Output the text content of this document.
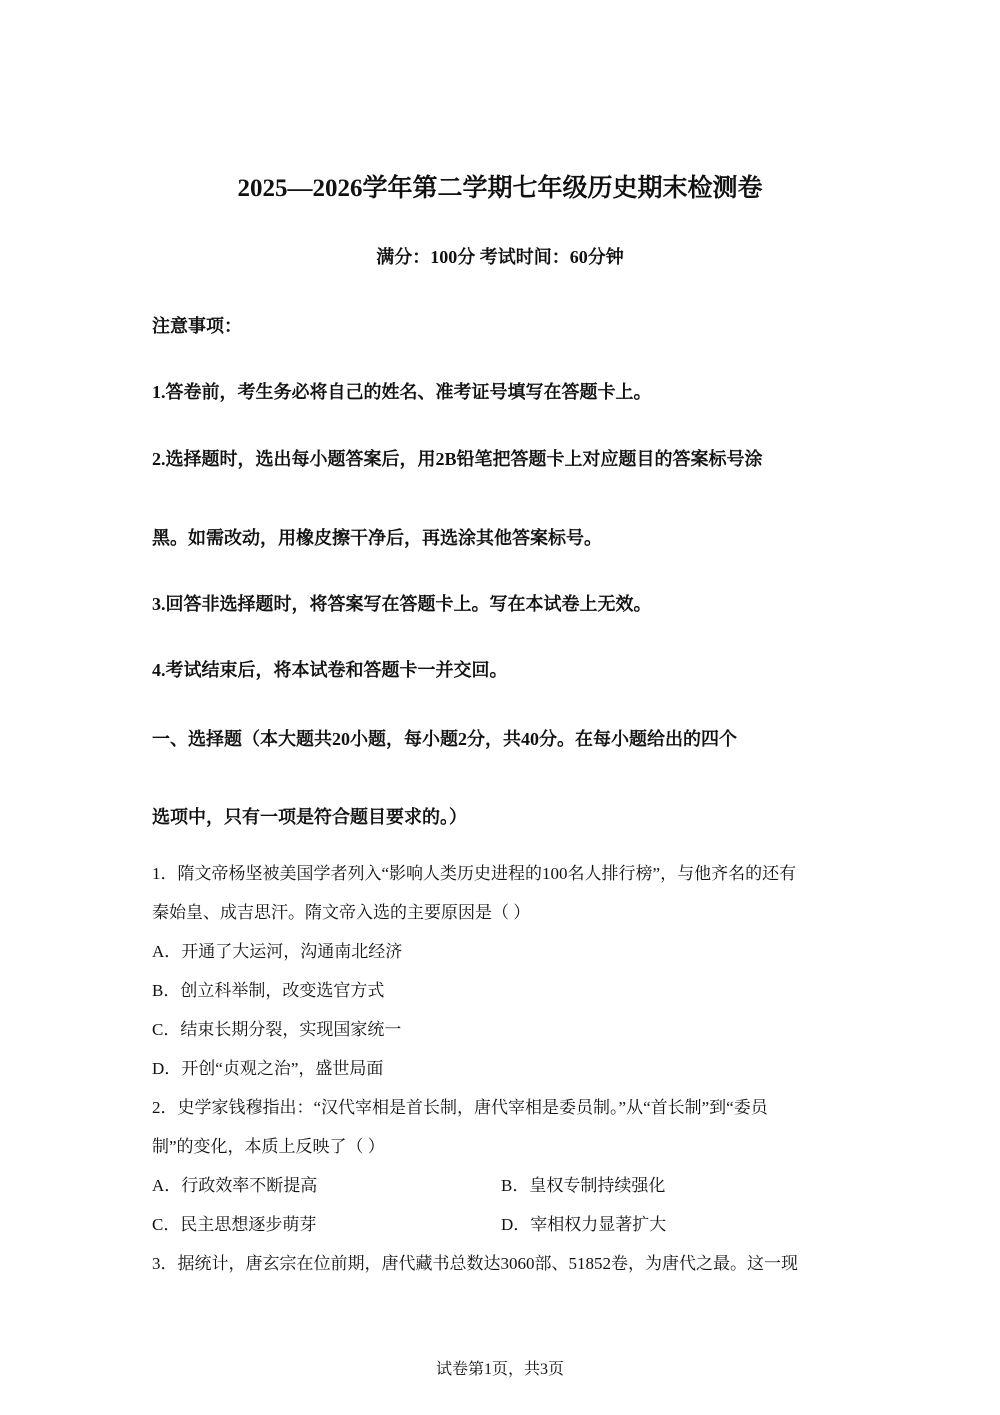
2025—2026学年第二学期七年级历史期末检测卷
满分：100分 考试时间：60分钟
注意事项：
1.答卷前，考生务必将自己的姓名、准考证号填写在答题卡上。
2.选择题时，选出每小题答案后，用2B铅笔把答题卡上对应题目的答案标号涂
黑。如需改动，用橡皮擦干净后，再选涂其他答案标号。
3.回答非选择题时，将答案写在答题卡上。写在本试卷上无效。
4.考试结束后，将本试卷和答题卡一并交回。
一、选择题（本大题共20小题，每小题2分，共40分。在每小题给出的四个
选项中，只有一项是符合题目要求的。）
1．隋文帝杨坚被美国学者列入“影响人类历史进程的100名人排行榜”，与他齐名的还有
秦始皇、成吉思汗。隋文帝入选的主要原因是（ ）
A．开通了大运河，沟通南北经济
B．创立科举制，改变选官方式
C．结束长期分裂，实现国家统一
D．开创“贞观之治”，盛世局面
2．史学家钱穆指出：“汉代宰相是首长制，唐代宰相是委员制。”从“首长制”到“委员
制”的变化，本质上反映了（ ）
A．行政效率不断提高	B．皇权专制持续强化
C．民主思想逐步萌芽	D．宰相权力显著扩大
3．据统计，唐玄宗在位前期，唐代藏书总数达3060部、51852卷，为唐代之最。这一现
试卷第1页，共3页
